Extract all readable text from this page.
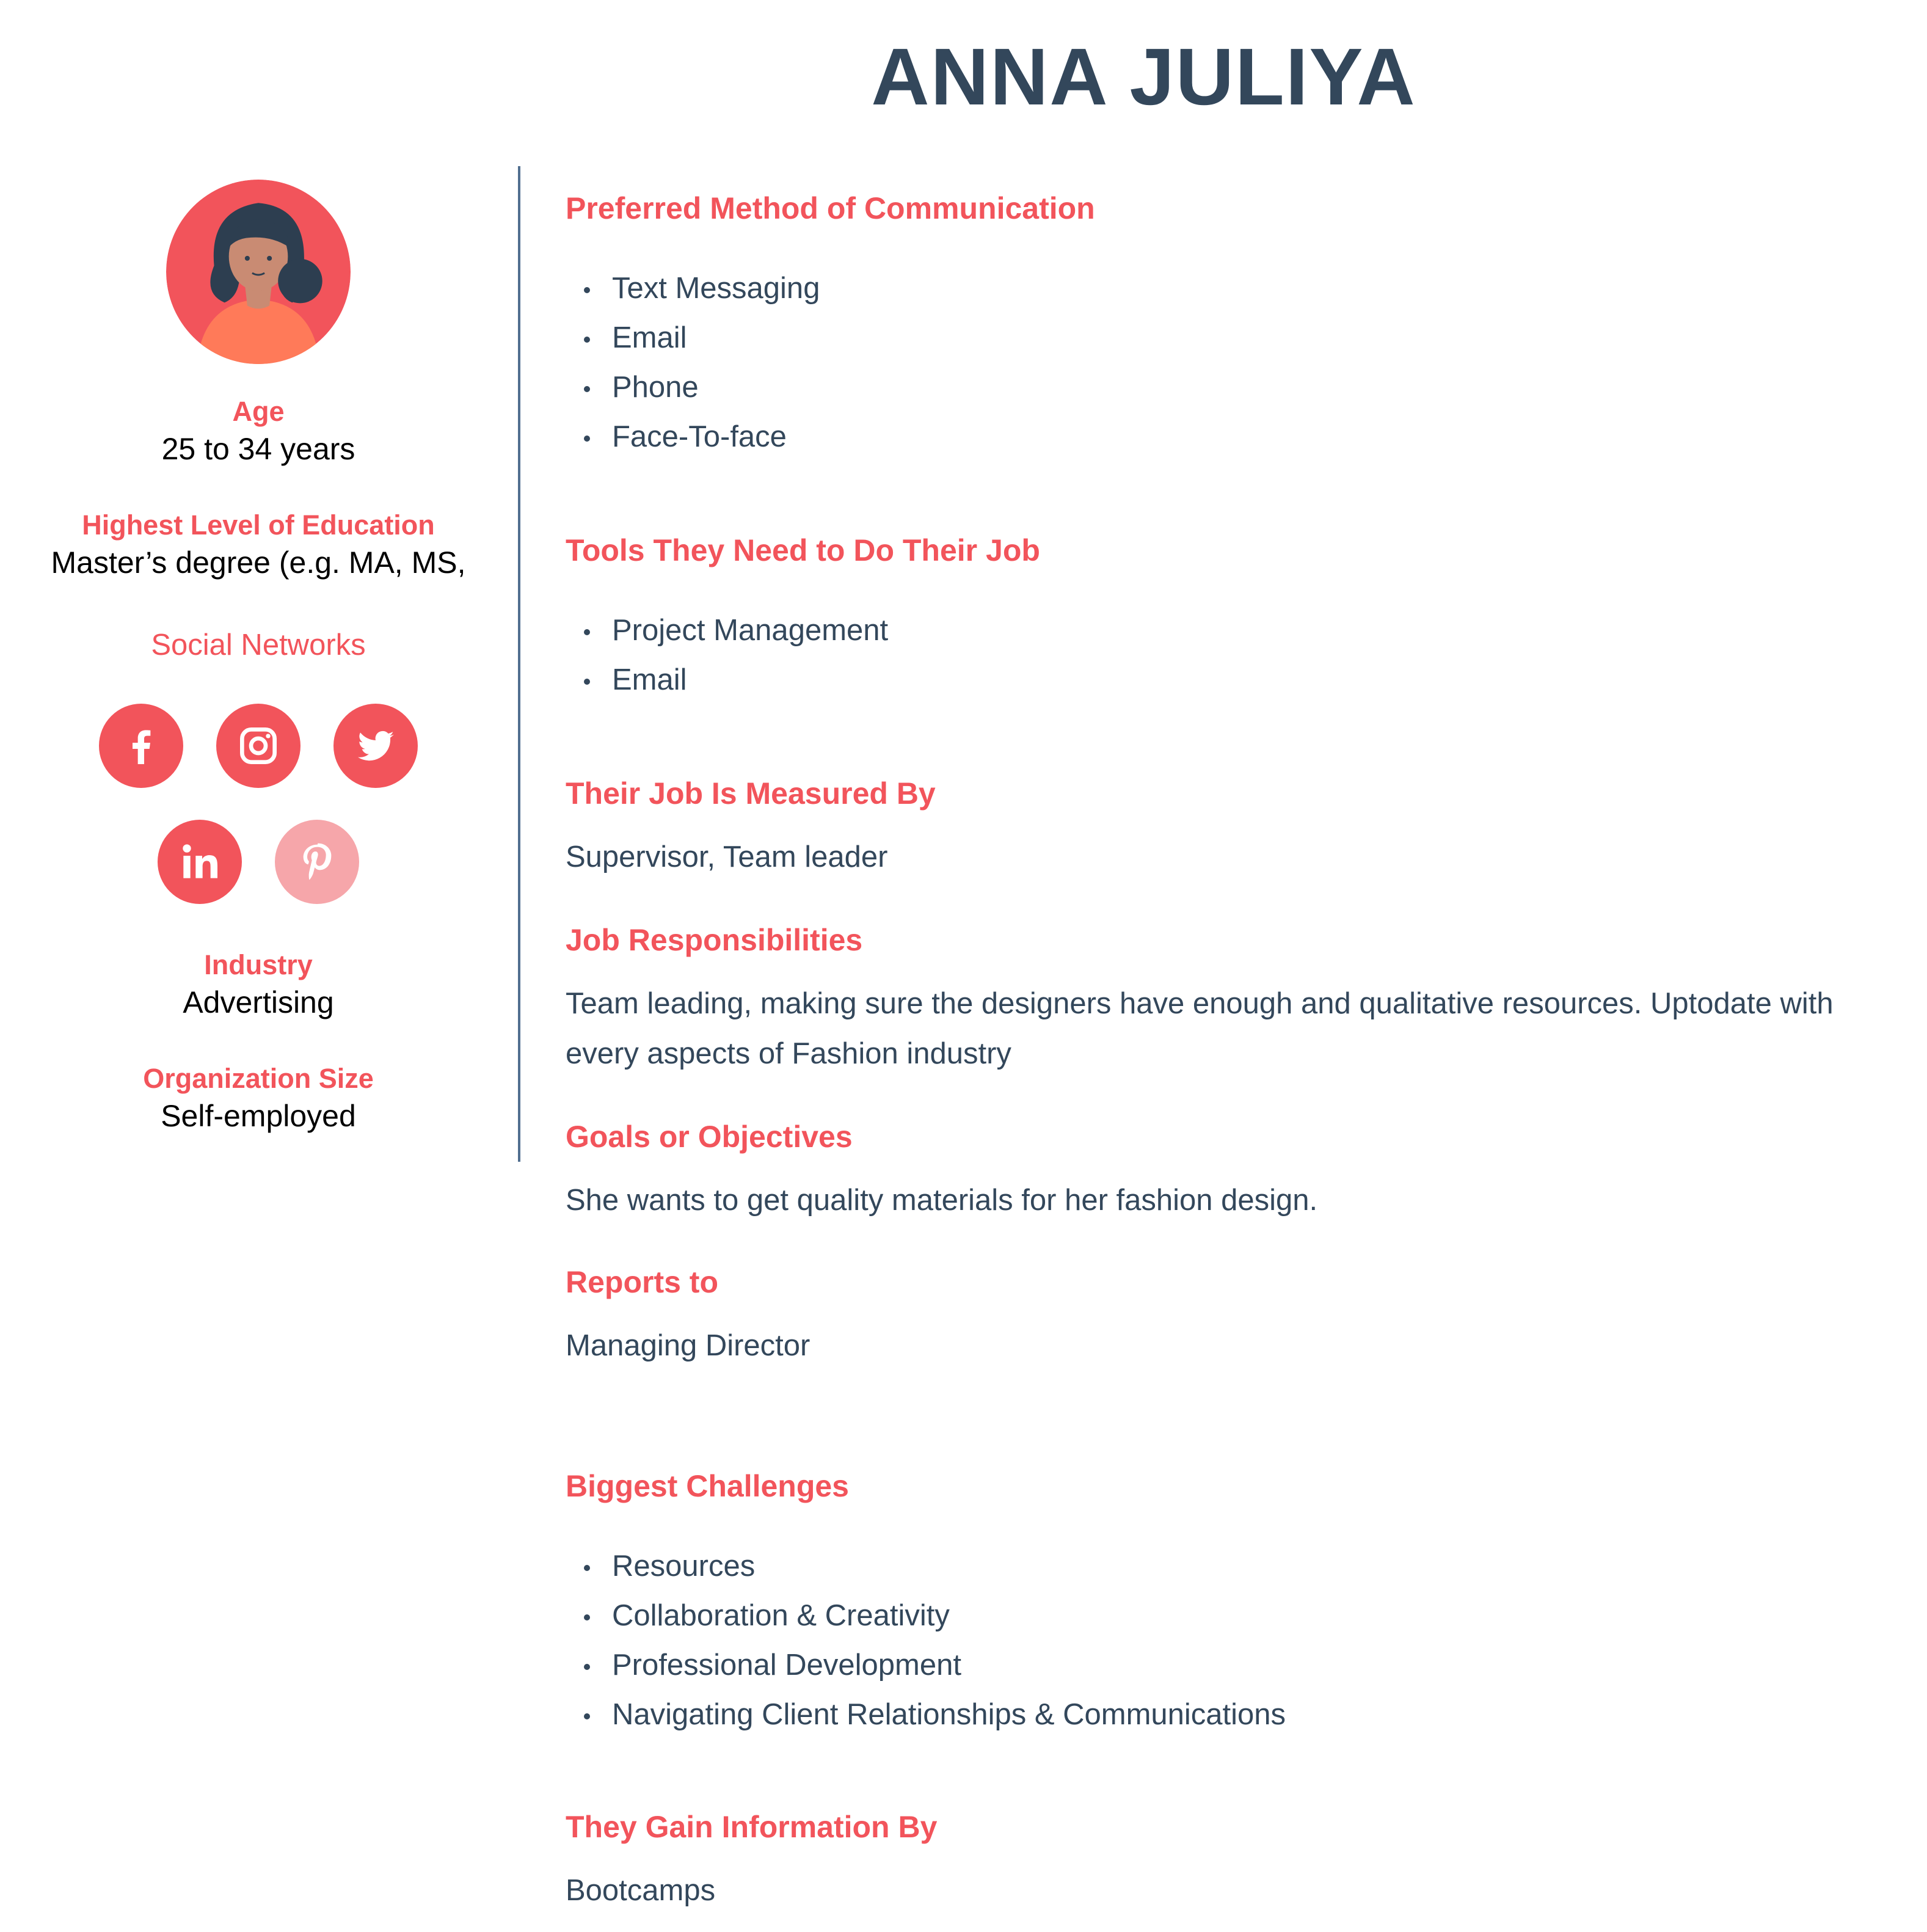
ANNA JULIYA
Age
25 to 34 years
Highest Level of Education
Master’s degree (e.g. MA, MS,
Social Networks
Industry
Advertising
Organization Size
Self-employed
Preferred Method of Communication
Text Messaging
Email
Phone
Face-To-face
Tools They Need to Do Their Job
Project Management
Email
Their Job Is Measured By
Supervisor, Team leader
Job Responsibilities
Team leading, making sure the designers have enough and qualitative resources. Uptodate with every aspects of Fashion industry
Goals or Objectives
She wants to get quality materials for her fashion design.
Reports to
Managing Director
Biggest Challenges
Resources
Collaboration & Creativity
Professional Development
Navigating Client Relationships & Communications
They Gain Information By
Bootcamps
